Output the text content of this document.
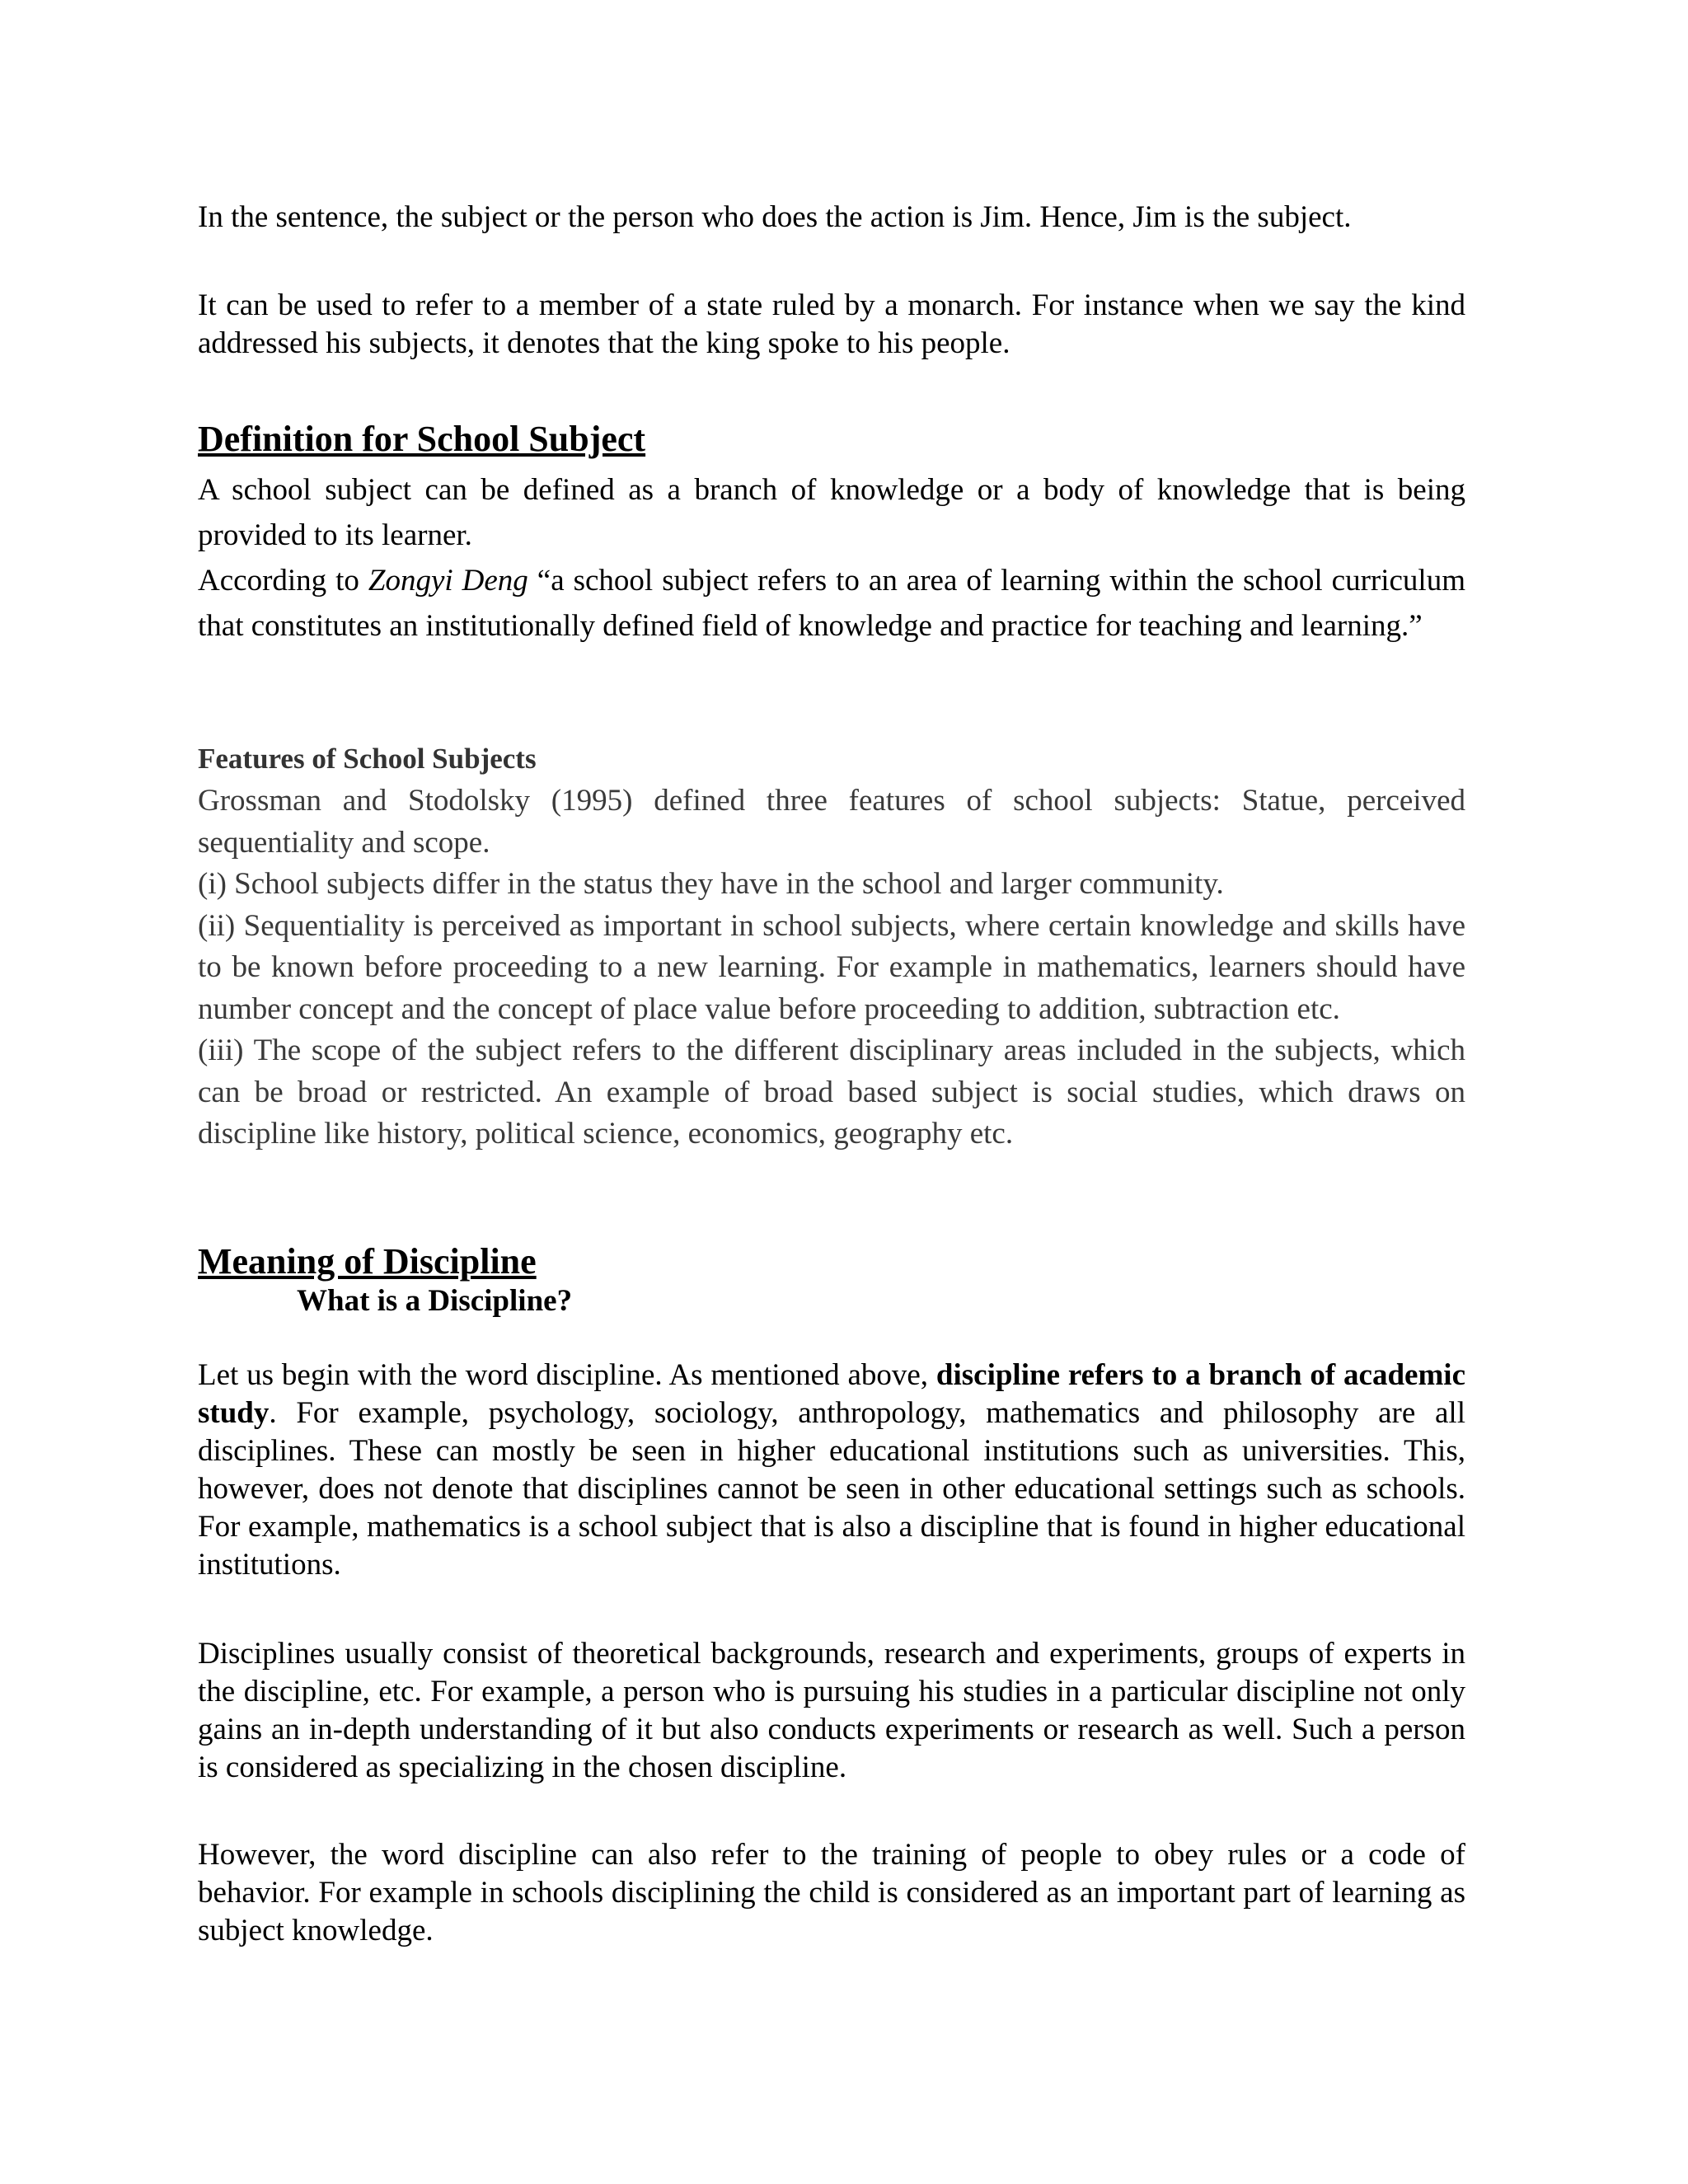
In the sentence, the subject or the person who does the action is Jim. Hence, Jim is the subject.
It can be used to refer to a member of a state ruled by a monarch. For instance when we say the kind addressed his subjects, it denotes that the king spoke to his people.
Definition for School Subject
A school subject can be defined as a branch of knowledge or a body of knowledge that is being provided to its learner.
According to Zongyi Deng “a school subject refers to an area of learning within the school curriculum that constitutes an institutionally defined field of knowledge and practice for teaching and learning.”
Features of School Subjects
Grossman and Stodolsky (1995) defined three features of school subjects: Statue, perceived sequentiality and scope.
(i) School subjects differ in the status they have in the school and larger community.
(ii) Sequentiality is perceived as important in school subjects, where certain knowledge and skills have to be known before proceeding to a new learning. For example in mathematics, learners should have number concept and the concept of place value before proceeding to addition, subtraction etc.
(iii) The scope of the subject refers to the different disciplinary areas included in the subjects, which can be broad or restricted. An example of broad based subject is social studies, which draws on discipline like history, political science, economics, geography etc.
Meaning of Discipline
What is a Discipline?
Let us begin with the word discipline. As mentioned above, discipline refers to a branch of academic study. For example, psychology, sociology, anthropology, mathematics and philosophy are all disciplines. These can mostly be seen in higher educational institutions such as universities. This, however, does not denote that disciplines cannot be seen in other educational settings such as schools. For example, mathematics is a school subject that is also a discipline that is found in higher educational institutions.
Disciplines usually consist of theoretical backgrounds, research and experiments, groups of experts in the discipline, etc. For example, a person who is pursuing his studies in a particular discipline not only gains an in-depth understanding of it but also conducts experiments or research as well. Such a person is considered as specializing in the chosen discipline.
However, the word discipline can also refer to the training of people to obey rules or a code of behavior. For example in schools disciplining the child is considered as an important part of learning as subject knowledge.
